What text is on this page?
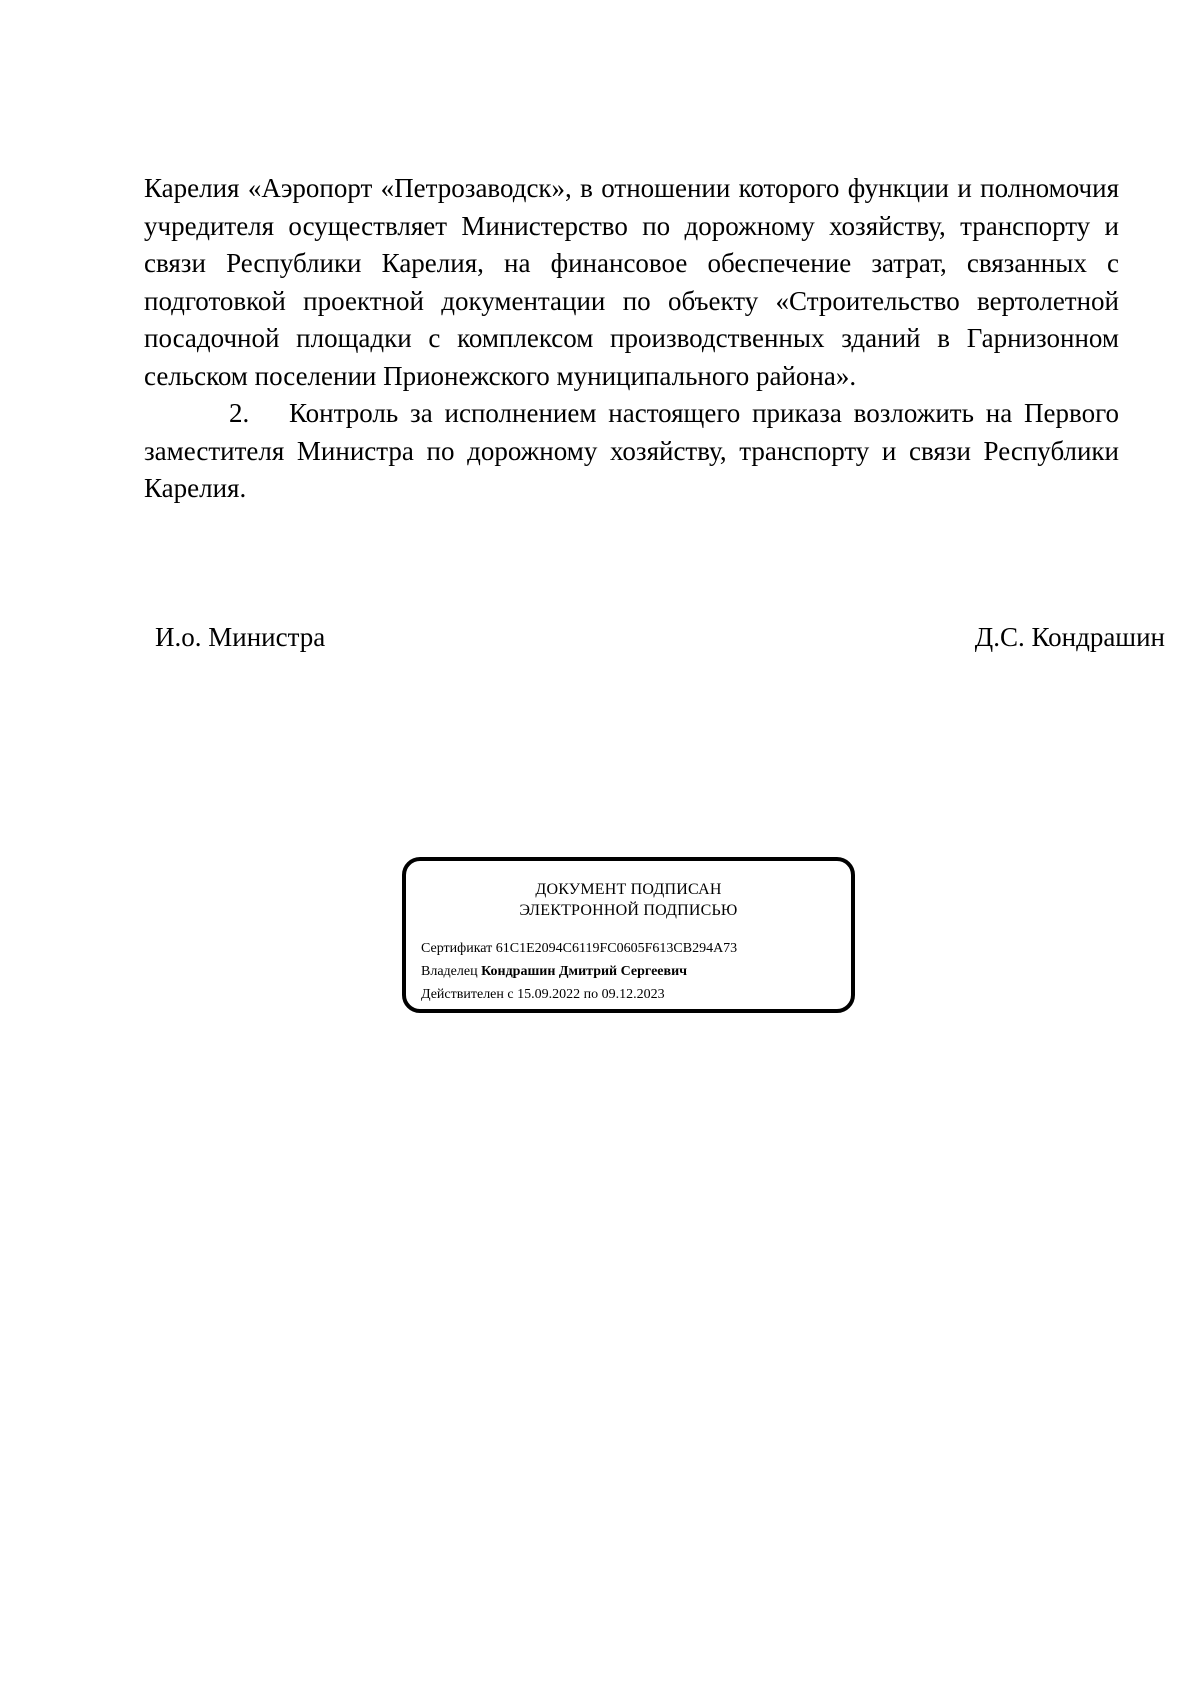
Карелия «Аэропорт «Петрозаводск», в отношении которого функции и полномочия учредителя осуществляет Министерство по дорожному хозяйству, транспорту и связи Республики Карелия, на финансовое обеспечение затрат, связанных с подготовкой проектной документации по объекту «Строительство вертолетной посадочной площадки с комплексом производственных зданий в Гарнизонном сельском поселении Прионежского муниципального района».

2. Контроль за исполнением настоящего приказа возложить на Первого заместителя Министра по дорожному хозяйству, транспорту и связи Республики Карелия.

И.о. Министра	Д.С. Кондрашин
ДОКУМЕНТ ПОДПИСАН
ЭЛЕКТРОННОЙ ПОДПИСЬЮ
Сертификат 61C1E2094C6119FC0605F613CB294A73
Владелец Кондрашин Дмитрий Сергеевич
Действителен с 15.09.2022 по 09.12.2023
